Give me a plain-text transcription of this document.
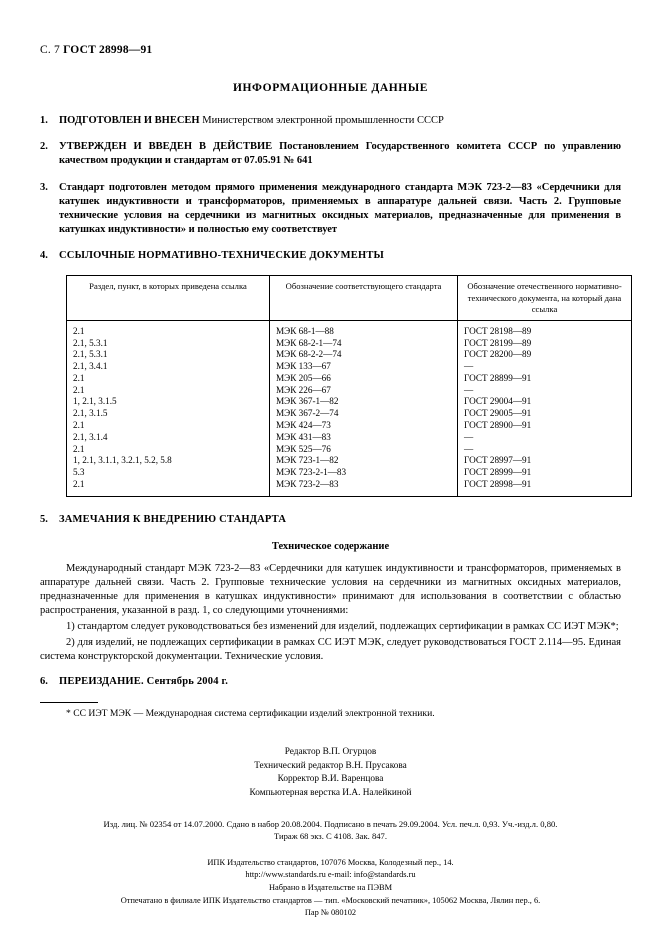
С. 7 ГОСТ 28998—91
ИНФОРМАЦИОННЫЕ ДАННЫЕ
1.	ПОДГОТОВЛЕН И ВНЕСЕН Министерством электронной промышленности СССР
2.	УТВЕРЖДЕН И ВВЕДЕН В ДЕЙСТВИЕ Постановлением Государственного комитета СССР по управлению качеством продукции и стандартам от 07.05.91 № 641
3.	Стандарт подготовлен методом прямого применения международного стандарта МЭК 723-2—83 «Сердечники для катушек индуктивности и трансформаторов, применяемых в аппаратуре дальней связи. Часть 2. Групповые технические условия на сердечники из магнитных оксидных материалов, предназначенные для применения в катушках индуктивности» и полностью ему соответствует
4.	ССЫЛОЧНЫЕ НОРМАТИВНО-ТЕХНИЧЕСКИЕ ДОКУМЕНТЫ
Раздел, пункт, в которых приведена ссылка	Обозначение соответствующего стандарта	Обозначение отечественного нормативно-технического документа, на который дана ссылка
2.1	МЭК 68-1—88	ГОСТ 28198—89
2.1, 5.3.1	МЭК 68-2-1—74	ГОСТ 28199—89
2.1, 5.3.1	МЭК 68-2-2—74	ГОСТ 28200—89
2.1, 3.4.1	МЭК 133—67	—
2.1	МЭК 205—66	ГОСТ 28899—91
2.1	МЭК 226—67	—
1, 2.1, 3.1.5	МЭК 367-1—82	ГОСТ 29004—91
2.1, 3.1.5	МЭК 367-2—74	ГОСТ 29005—91
2.1	МЭК 424—73	ГОСТ 28900—91
2.1, 3.1.4	МЭК 431—83	—
2.1	МЭК 525—76	—
1, 2.1, 3.1.1, 3.2.1, 5.2, 5.8	МЭК 723-1—82	ГОСТ 28997—91
5.3	МЭК 723-2-1—83	ГОСТ 28999—91
2.1	МЭК 723-2—83	ГОСТ 28998—91
5.	ЗАМЕЧАНИЯ К ВНЕДРЕНИЮ СТАНДАРТА
Техническое содержание

Международный стандарт МЭК 723-2—83 «Сердечники для катушек индуктивности и трансформаторов, применяемых в аппаратуре дальней связи. Часть 2. Групповые технические условия на сердечники из магнитных оксидных материалов, предназначенные для применения в катушках индуктивности» принимают для использования в соответствии с областью распространения, указанной в разд. 1, со следующими уточнениями:

1) стандартом следует руководствоваться без изменений для изделий, подлежащих сертификации в рамках СС ИЭТ МЭК*;

2) для изделий, не подлежащих сертификации в рамках СС ИЭТ МЭК, следует руководствоваться ГОСТ 2.114—95. Единая система конструкторской документации. Технические условия.

6.	ПЕРЕИЗДАНИЕ. Сентябрь 2004 г.

* СС ИЭТ МЭК — Международная система сертификации изделий электронной техники.

Редактор В.П. Огурцов
Технический редактор В.Н. Прусакова
Корректор В.И. Варенцова
Компьютерная верстка И.А. Налейкиной
Изд. лиц. № 02354 от 14.07.2000. Сдано в набор 20.08.2004. Подписано в печать 29.09.2004. Усл. печ.л. 0,93. Уч.-изд.л. 0,80.
Тираж 68 экз. С 4108. Зак. 847.
ИПК Издательство стандартов, 107076 Москва, Колодезный пер., 14.
http://www.standards.ru e-mail: info@standards.ru
Набрано в Издательстве на ПЭВМ
Отпечатано в филиале ИПК Издательство стандартов — тип. «Московский печатник», 105062 Москва, Лялин пер., 6.
Пар № 080102
